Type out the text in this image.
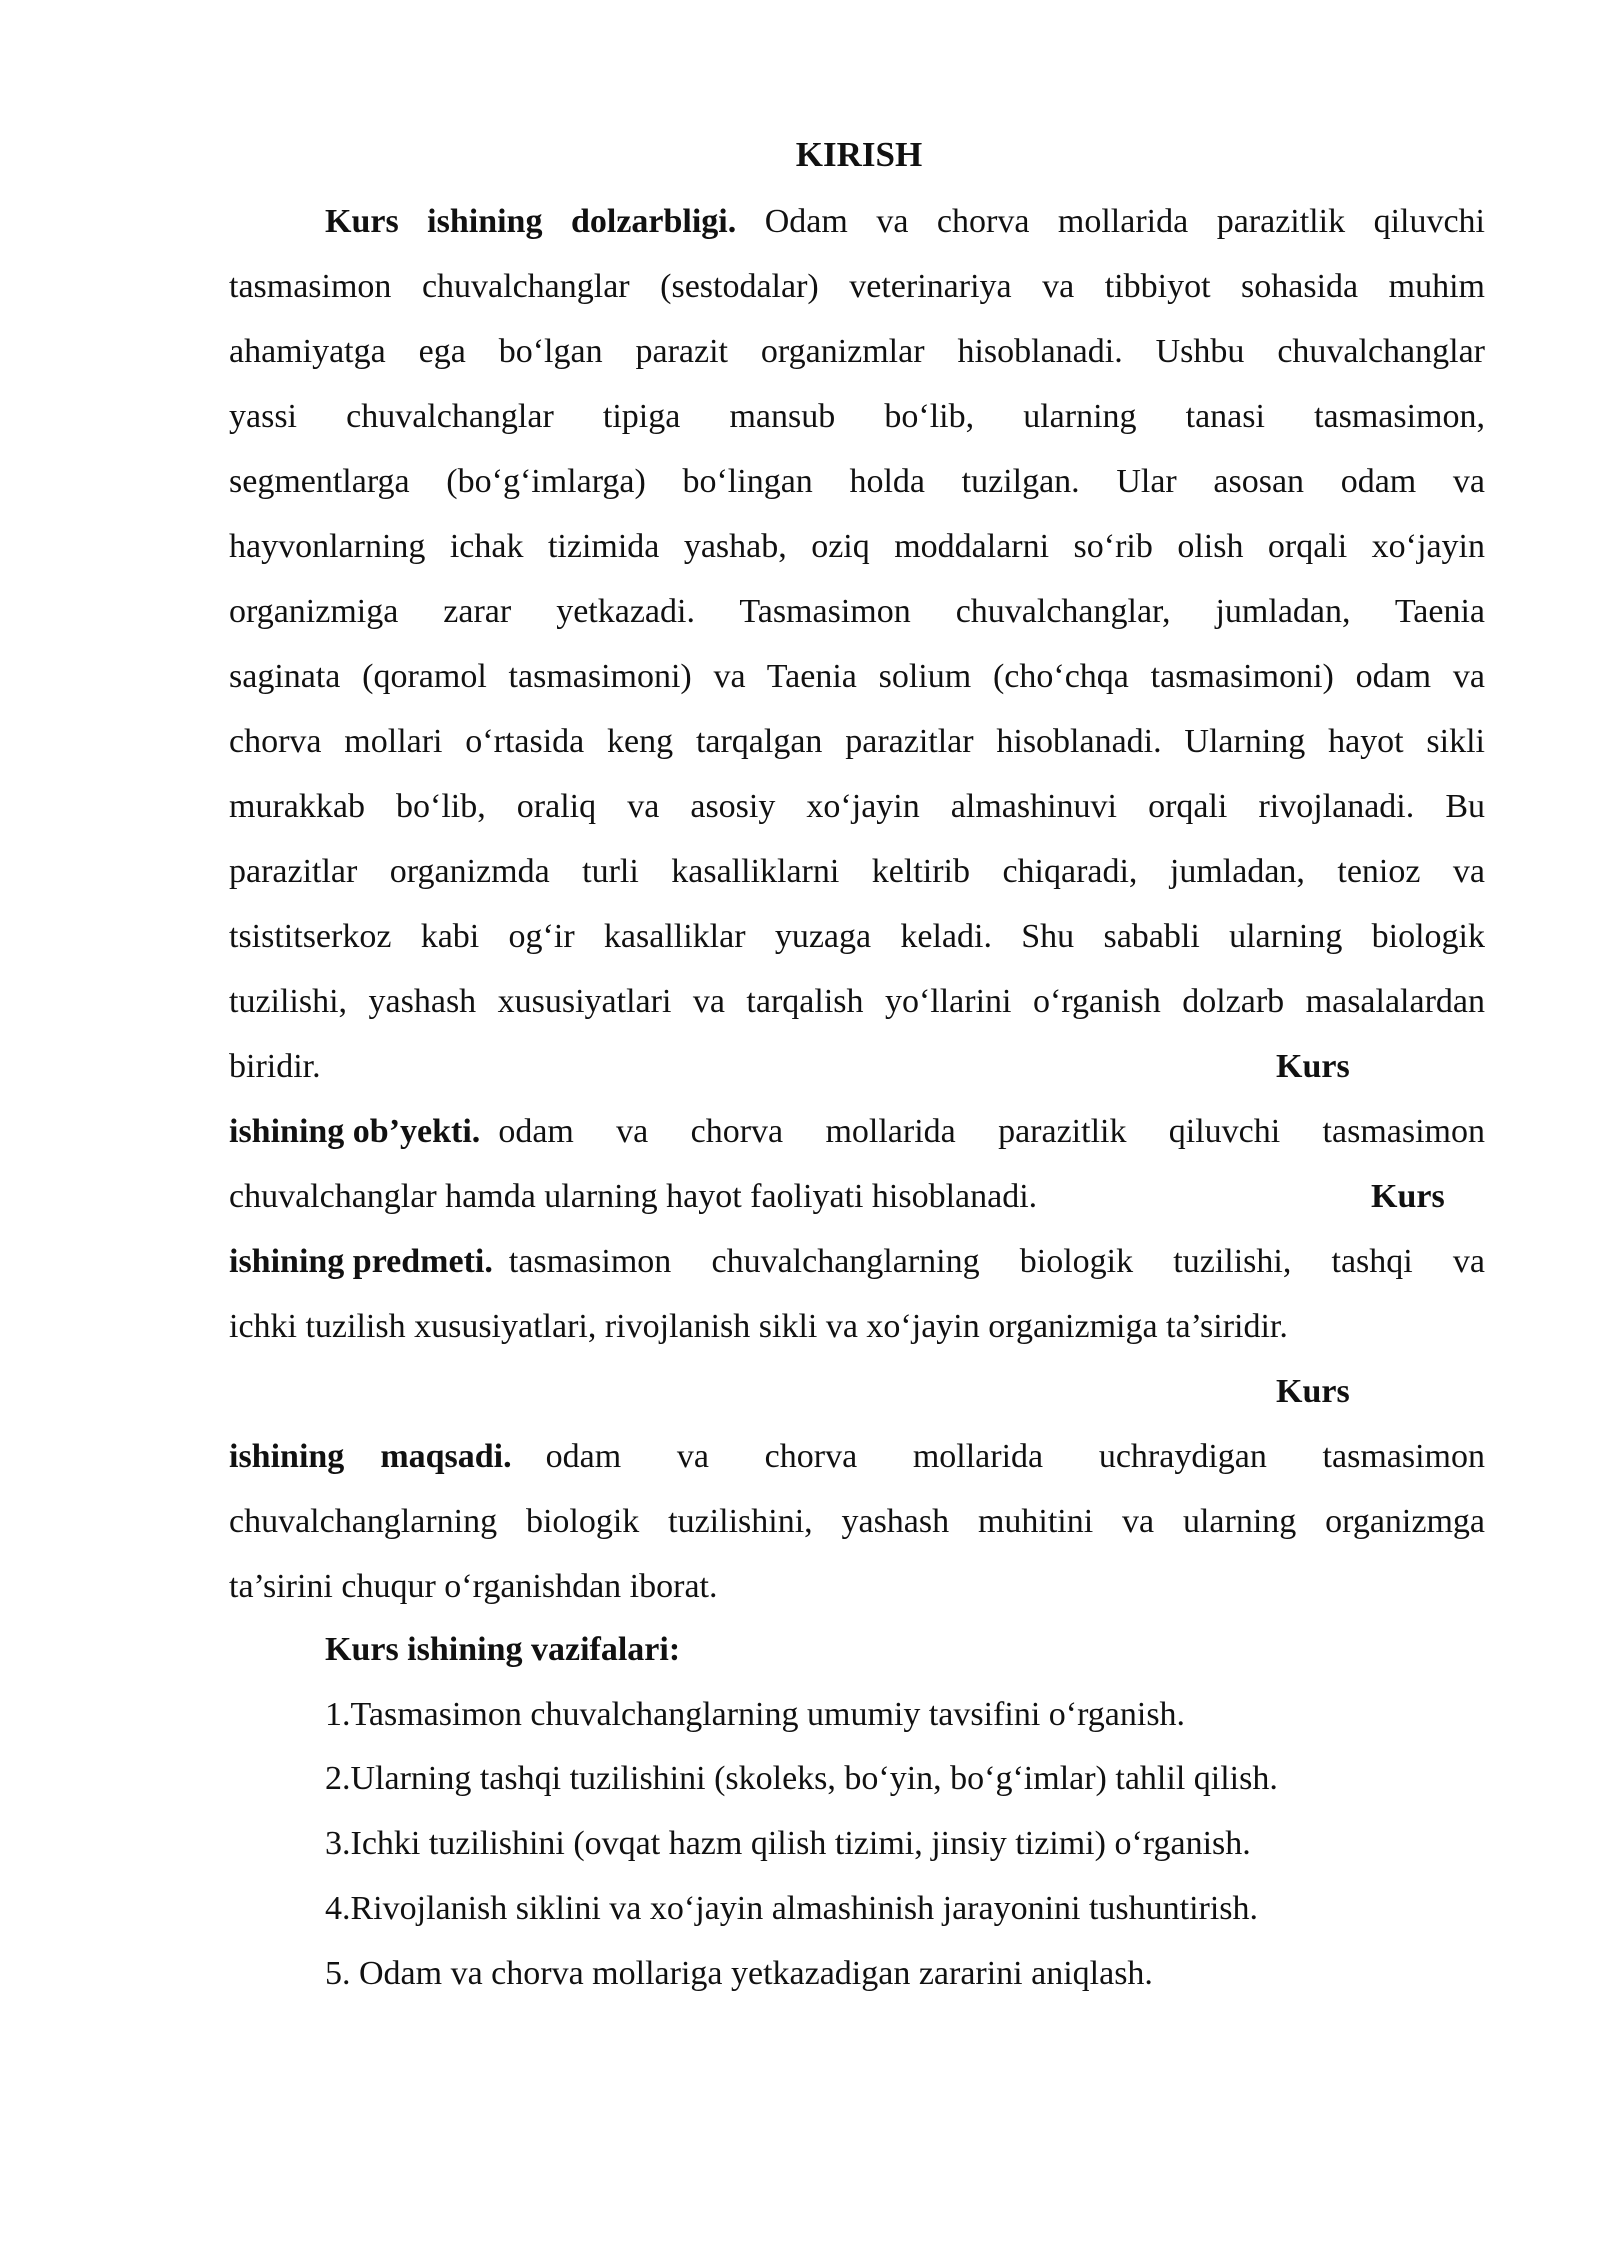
KIRISH
Kurs ishining dolzarbligi. Odam va chorva mollarida parazitlik qiluvchi
tasmasimon chuvalchanglar (sestodalar) veterinariya va tibbiyot sohasida muhim
ahamiyatga ega bo‘lgan parazit organizmlar hisoblanadi. Ushbu chuvalchanglar
yassi chuvalchanglar tipiga mansub bo‘lib, ularning tanasi tasmasimon,
segmentlarga (bo‘g‘imlarga) bo‘lingan holda tuzilgan. Ular asosan odam va
hayvonlarning ichak tizimida yashab, oziq moddalarni so‘rib olish orqali xo‘jayin
organizmiga zarar yetkazadi. Tasmasimon chuvalchanglar, jumladan, Taenia
saginata (qoramol tasmasimoni) va Taenia solium (cho‘chqa tasmasimoni) odam va
chorva mollari o‘rtasida keng tarqalgan parazitlar hisoblanadi. Ularning hayot sikli
murakkab bo‘lib, oraliq va asosiy xo‘jayin almashinuvi orqali rivojlanadi. Bu
parazitlar organizmda turli kasalliklarni keltirib chiqaradi, jumladan, tenioz va
tsistitserkoz kabi og‘ir kasalliklar yuzaga keladi. Shu sababli ularning biologik
tuzilishi, yashash xususiyatlari va tarqalish yo‘llarini o‘rganish dolzarb masalalardan
biridir.	Kurs
ishining ob’yekti. odam va chorva mollarida parazitlik qiluvchi tasmasimon
chuvalchanglar hamda ularning hayot faoliyati hisoblanadi.	Kurs
ishining predmeti. tasmasimon chuvalchanglarning biologik tuzilishi, tashqi va
ichki tuzilish xususiyatlari, rivojlanish sikli va xo‘jayin organizmiga ta’siridir.
Kurs
ishining maqsadi. odam va chorva mollarida uchraydigan tasmasimon
chuvalchanglarning biologik tuzilishini, yashash muhitini va ularning organizmga
ta’sirini chuqur o‘rganishdan iborat.
Kurs ishining vazifalari:
1.Tasmasimon chuvalchanglarning umumiy tavsifini o‘rganish.
2.Ularning tashqi tuzilishini (skoleks, bo‘yin, bo‘g‘imlar) tahlil qilish.
3.Ichki tuzilishini (ovqat hazm qilish tizimi, jinsiy tizimi) o‘rganish.
4.Rivojlanish siklini va xo‘jayin almashinish jarayonini tushuntirish.
5. Odam va chorva mollariga yetkazadigan zararini aniqlash.
